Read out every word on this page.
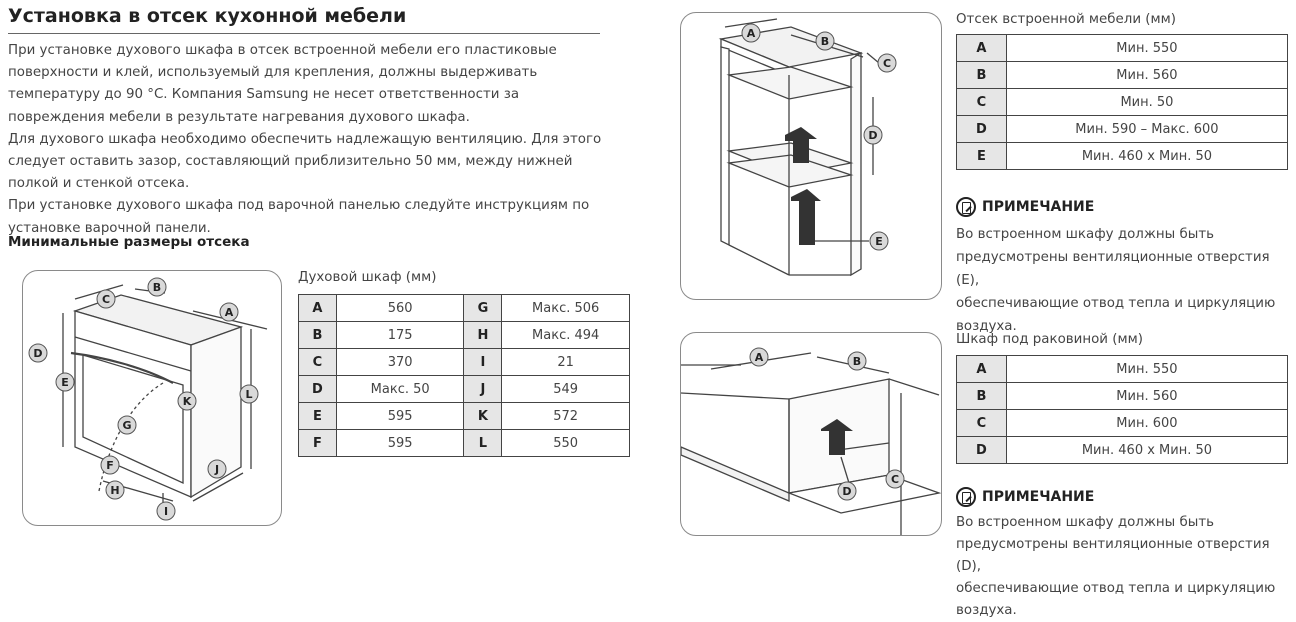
Установка в отсек кухонной мебели

При установке духового шкафа в отсек встроенной мебели его пластиковые поверхности и клей, используемый для крепления, должны выдерживать температуру до 90 °C. Компания Samsung не несет ответственности за повреждения мебели в результате нагревания духового шкафа.

Для духового шкафа необходимо обеспечить надлежащую вентиляцию. Для этого следует оставить зазор, составляющий приблизительно 50 мм, между нижней полкой и стенкой отсека.

При установке духового шкафа под варочной панелью следуйте инструкциям по установке варочной панели.

Минимальные размеры отсека
A
B
C
D
E
F
G
H
I
J
K
L
Духовой шкаф (мм)
A	560	G	Макс. 506
B	175	H	Макс. 494
C	370	I	21
D	Макс. 50	J	549
E	595	K	572
F	595	L	550
A
B
C
D
E
Отсек встроенной мебели (мм)
A	Мин. 550
B	Мин. 560
C	Мин. 50
D	Мин. 590 – Макс. 600
E	Мин. 460 x Мин. 50
ПРИМЕЧАНИЕ
Во встроенном шкафу должны быть
предусмотрены вентиляционные отверстия (E),
обеспечивающие отвод тепла и циркуляцию
воздуха.
A	B
C
D
Шкаф под раковиной (мм)
A	Мин. 550
B	Мин. 560
C	Мин. 600
D	Мин. 460 x Мин. 50
ПРИМЕЧАНИЕ
Во встроенном шкафу должны быть
предусмотрены вентиляционные отверстия (D),
обеспечивающие отвод тепла и циркуляцию
воздуха.
